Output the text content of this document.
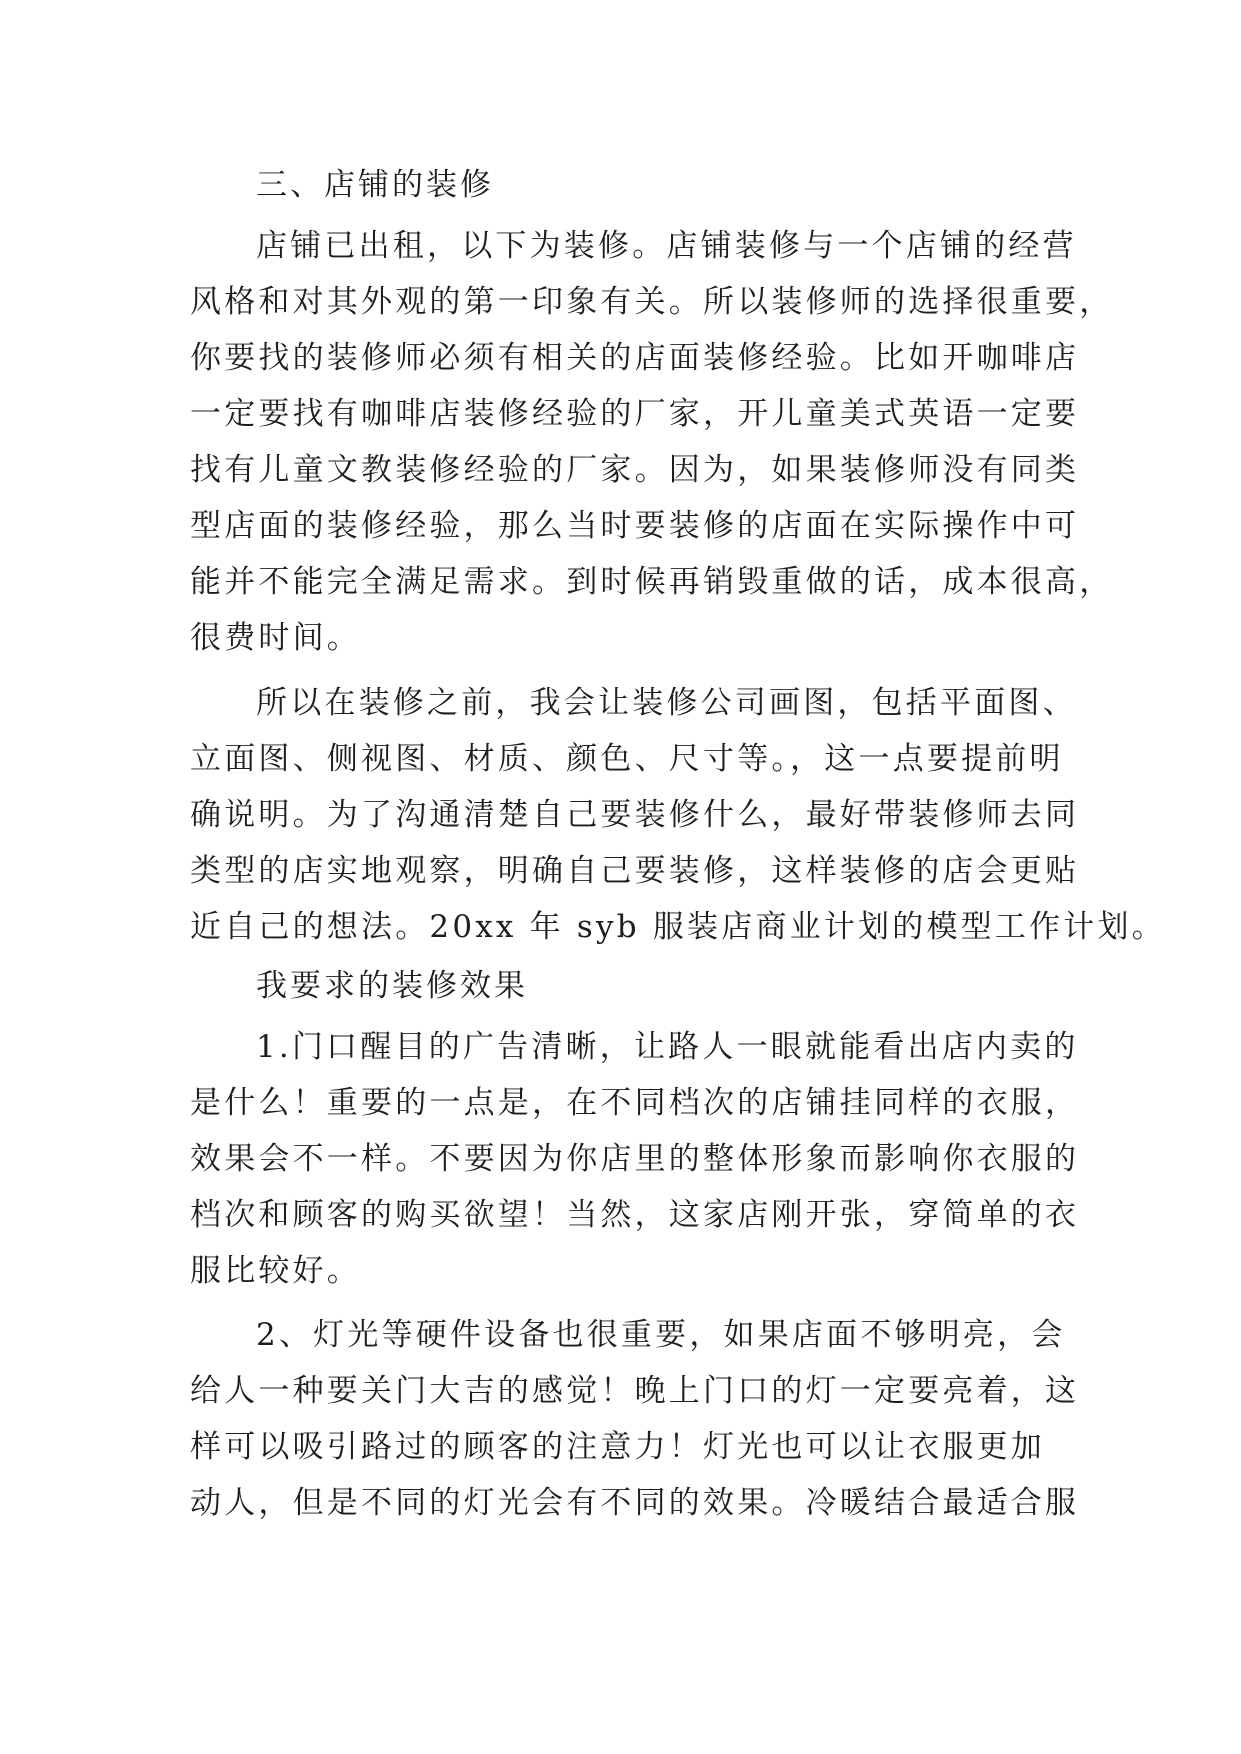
三、店铺的装修
店铺已出租，以下为装修。店铺装修与一个店铺的经营
风格和对其外观的第一印象有关。所以装修师的选择很重要，
你要找的装修师必须有相关的店面装修经验。比如开咖啡店
一定要找有咖啡店装修经验的厂家，开儿童美式英语一定要
找有儿童文教装修经验的厂家。因为，如果装修师没有同类
型店面的装修经验，那么当时要装修的店面在实际操作中可
能并不能完全满足需求。到时候再销毁重做的话，成本很高，
很费时间。
所以在装修之前，我会让装修公司画图，包括平面图、
立面图、侧视图、材质、颜色、尺寸等。，这一点要提前明
确说明。为了沟通清楚自己要装修什么，最好带装修师去同
类型的店实地观察，明确自己要装修，这样装修的店会更贴
近自己的想法。20xx 年 syb 服装店商业计划的模型工作计划。
我要求的装修效果
1.门口醒目的广告清晰，让路人一眼就能看出店内卖的
是什么！重要的一点是，在不同档次的店铺挂同样的衣服，
效果会不一样。不要因为你店里的整体形象而影响你衣服的
档次和顾客的购买欲望！当然，这家店刚开张，穿简单的衣
服比较好。
2、灯光等硬件设备也很重要，如果店面不够明亮，会
给人一种要关门大吉的感觉！晚上门口的灯一定要亮着，这
样可以吸引路过的顾客的注意力！灯光也可以让衣服更加
动人，但是不同的灯光会有不同的效果。冷暖结合最适合服
